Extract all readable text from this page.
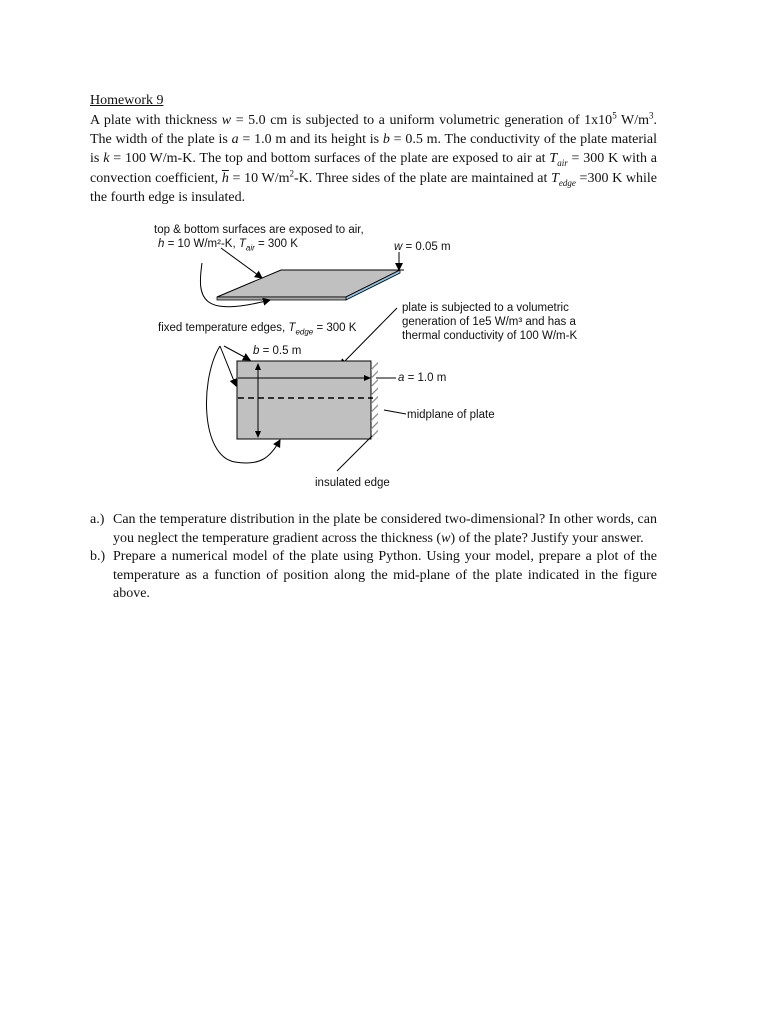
Homework 9

A plate with thickness w = 5.0 cm is subjected to a uniform volumetric generation of $1x10^5$ $W/m^3$. The width of the plate is a = 1.0 m and its height is b = 0.5 m. The conductivity of the plate material is k = 100 W/m-K. The top and bottom surfaces of the plate are exposed to air at $T_{air} = 300$ K with a convection coefficient, $\overline{h} = 10$ $W/m^2-K$. Three sides of the plate are maintained at $T_{edge} =300$ K while the fourth edge is insulated.

top & bottom surfaces are exposed to air,
h = 10 W/m²-K, $T_{air} = 300$ K	w = 0.05 m
plate is subjected to a volumetric
generation of 1e5 W/m³ and has a
thermal conductivity of 100 W/m-K
fixed temperature edges, $T_{edge} = 300$ K
b = 0.5 m
a = 1.0 m
midplane of plate
insulated edge
a.) Can the temperature distribution in the plate be considered two-dimensional? In other words, can you neglect the temperature gradient across the thickness (w) of the plate? Justify your answer.
b.) Prepare a numerical model of the plate using Python. Using your model, prepare a plot of the temperature as a function of position along the mid-plane of the plate indicated in the figure above.
